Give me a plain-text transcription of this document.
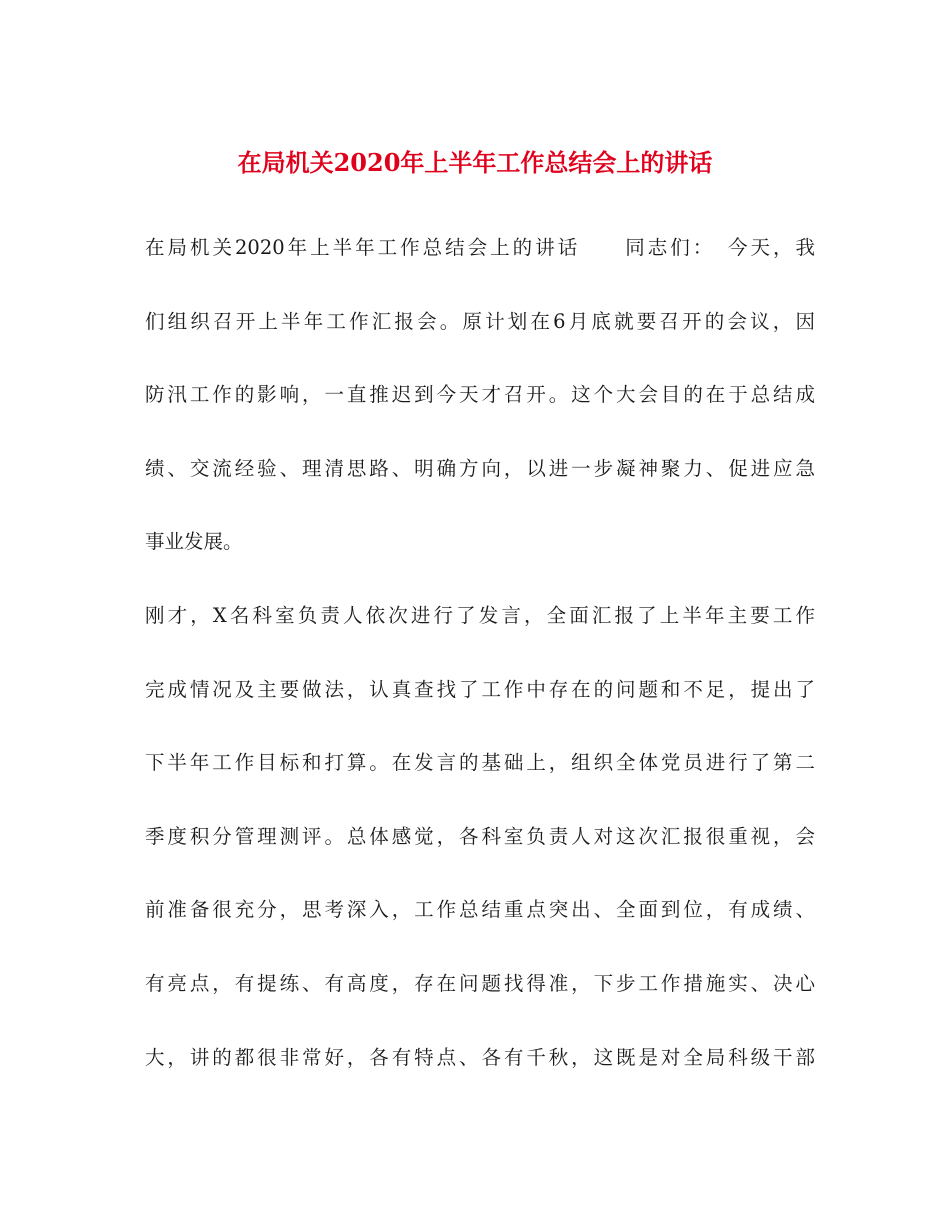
在局机关2020年上半年工作总结会上的讲话
在局机关2020年上半年工作总结会上的讲话　　同志们：　今天，我
们组织召开上半年工作汇报会。原计划在6月底就要召开的会议，因
防汛工作的影响，一直推迟到今天才召开。这个大会目的在于总结成
绩、交流经验、理清思路、明确方向，以进一步凝神聚力、促进应急
事业发展。
刚才，X名科室负责人依次进行了发言，全面汇报了上半年主要工作
完成情况及主要做法，认真查找了工作中存在的问题和不足，提出了
下半年工作目标和打算。在发言的基础上，组织全体党员进行了第二
季度积分管理测评。总体感觉，各科室负责人对这次汇报很重视，会
前准备很充分，思考深入，工作总结重点突出、全面到位，有成绩、
有亮点，有提练、有高度，存在问题找得准，下步工作措施实、决心
大，讲的都很非常好，各有特点、各有千秋，这既是对全局科级干部
